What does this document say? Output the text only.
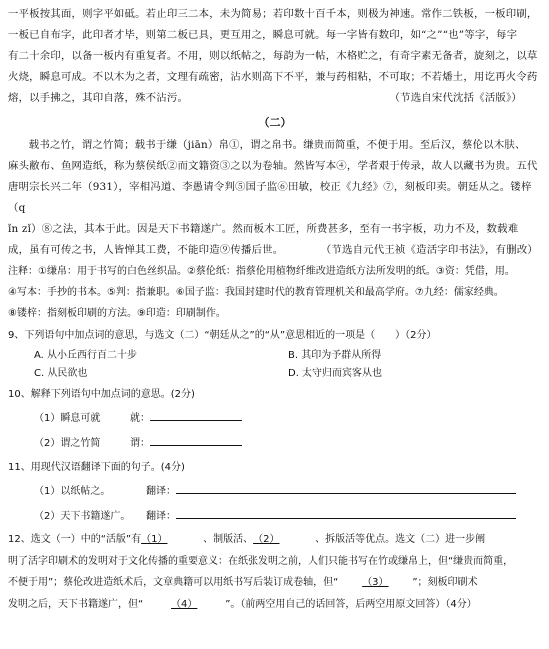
一平板按其面，则字平如砥。若止印三二本，未为简易；若印数十百千本，则极为神速。常作二铁板，一板印刷，

一板已自布字，此印者才毕，则第二板已具，更互用之，瞬息可就。每一字皆有数印，如“之”“也”等字，每字

有二十余印，以备一板内有重复者。不用，则以纸帖之，每韵为一帖，木格贮之，有奇字素无备者，旋刻之，以草

火烧，瞬息可成。不以木为之者，文理有疏密，沾水则高下不平，兼与药相粘，不可取；不若燔土，用讫再火令药

熔，以手拂之，其印自落，殊不沾污。	（节选自宋代沈括《活版》）

（二）

载书之竹，谓之竹简；载书于缣（jiān）帛①，谓之帛书。缣贵而简重，不便于用。至后汉，蔡伦以木肤、

麻头敝布、鱼网造纸，称为蔡侯纸②而文籍资③之以为卷轴。然皆写本④，学者艰于传录，故人以藏书为贵。五代

唐明宗长兴二年（931），宰相冯道、李愚请令判⑤国子监⑥田敏，校正《九经》⑦，刻板印卖。朝廷从之。镂梓（q

ǐn zǐ）⑧之法，其本于此。因是天下书籍遂广。然而板木工匠，所费甚多，至有一书字板，功力不及，数载难

成，虽有可传之书，人皆惮其工费，不能印造⑨传播后世。	（节选自元代王祯《造活字印书法》，有删改）

注释：①缣帛：用于书写的白色丝织品。②蔡伦纸：指蔡伦用植物纤维改进造纸方法所发明的纸。③资：凭借，用。

④写本：手抄的书本。⑤判：指兼职。⑥国子监：我国封建时代的教育管理机关和最高学府。⑦九经：儒家经典。

⑧镂梓：指刻板印刷的方法。⑨印造：印刷制作。

9、下列语句中加点词的意思，与选文（二）“朝廷从之”的“从”意思相近的一项是（　　）（2分）

A. 从小丘西行百二十步	B. 其印为予群从所得
C. 从民欲也	D. 太守归而宾客从也

10、解释下列语句中加点词的意思。(2分)

（1）瞬息可就	就：
（2）谓之竹简	谓：

11、用现代汉语翻译下面的句子。(4分)

（1）以纸帖之。	翻译：
（2）天下书籍遂广。	翻译：

12、选文（一）中的“活版”有（1）	、制版活、（2）	、拆版活等优点。选文（二）进一步阐

明了活字印刷术的发明对于文化传播的重要意义：在纸张发明之前，人们只能书写在竹或缣帛上，但“缣贵而简重，

不便于用”；蔡伦改进造纸术后，文章典籍可以用纸书写后装订成卷轴，但“ （3） ”；刻板印刷术

发明之后，天下书籍遂广，但“	（4）	”。（前两空用自己的话回答，后两空用原文回答）（4分）
